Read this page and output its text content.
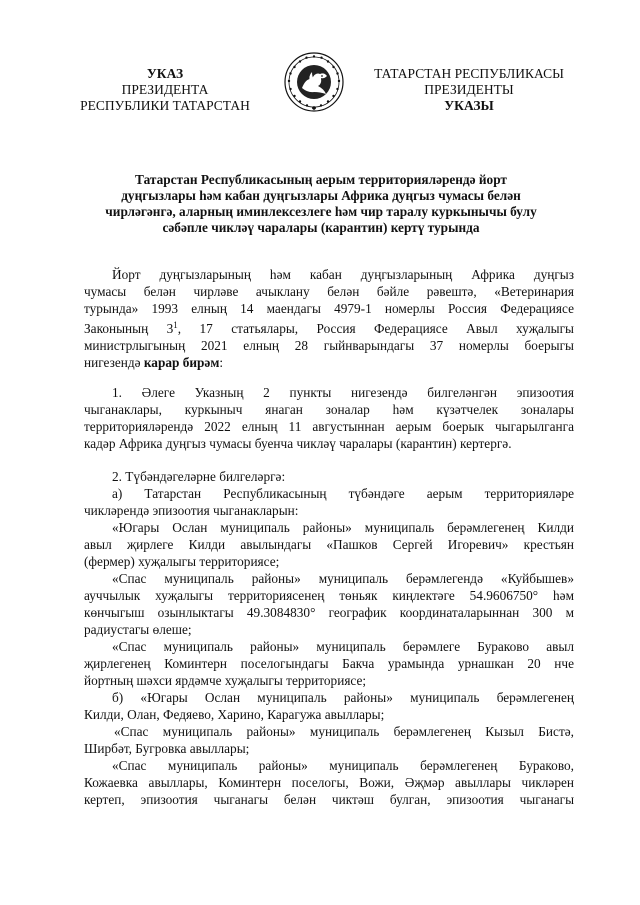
УКАЗ
ПРЕЗИДЕНТА
РЕСПУБЛИКИ ТАТАРСТАН
ТАТАРСТАН РЕСПУБЛИКАСЫ
ПРЕЗИДЕНТЫ
УКАЗЫ
Татарстан Республикасының аерым территорияләрендә йорт
дуңгызлары һәм кабан дуңгызлары Африка дуңгыз чумасы белән
чирләгәнгә, аларның иминлексезлеге һәм чир таралу куркынычы булу
сәбәпле чикләү чаралары (карантин) кертү турында
Йорт дуңгызларының һәм кабан дуңгызларының Африка дуңгыз
чумасы белән чирләве ачыклану белән бәйле рәвештә, «Ветеринария
турында» 1993 елның 14 маендагы 4979-1 номерлы Россия Федерациясе
Законының $3^1$, 17 статьялары, Россия Федерациясе Авыл хуҗалыгы
министрлыгының 2021 елның 28 гыйнварындагы 37 номерлы боерыгы
нигезендә карар бирәм:
1. Әлеге Указның 2 пункты нигезендә билгеләнгән эпизоотия
чыганаклары, куркыныч янаган зоналар һәм күзәтчелек зоналары
территорияләрендә 2022 елның 11 августыннан аерым боерык чыгарылганга
кадәр Африка дуңгыз чумасы буенча чикләү чаралары (карантин) кертергә.
2. Түбәндәгеләрне билгеләргә:
а) Татарстан Республикасының түбәндәге аерым территорияләре
чикләрендә эпизоотия чыганакларын:
«Югары Ослан муниципаль районы» муниципаль берәмлегенең Килди
авыл җирлеге Килди авылындагы «Пашков Сергей Игоревич» крестьян
(фермер) хуҗалыгы территориясе;
«Спас муниципаль районы» муниципаль берәмлегендә «Куйбышев»
ауччылык хуҗалыгы территориясенең төньяк киңлектәге 54.9606750° һәм
көнчыгыш озынлыктагы 49.3084830° географик координаталарыннан 300 м
радиустагы өлеше;
«Спас муниципаль районы» муниципаль берәмлеге Бураково авыл
җирлегенең Коминтерн поселогындагы Бакча урамында урнашкан 20 нче
йортның шәхси ярдәмче хуҗалыгы территориясе;
б) «Югары Ослан муниципаль районы» муниципаль берәмлегенең
Килди, Олан, Федяево, Харино, Карагужа авыллары;
«Спас муниципаль районы» муниципаль берәмлегенең Кызыл Бистә,
Ширбәт, Бугровка авыллары;
«Спас муниципаль районы» муниципаль берәмлегенең Бураково,
Кожаевка авыллары, Коминтерн поселогы, Вожи, Әҗмәр авыллары чикләрен
кертеп, эпизоотия чыганагы белән чиктәш булган, эпизоотия чыганагы
